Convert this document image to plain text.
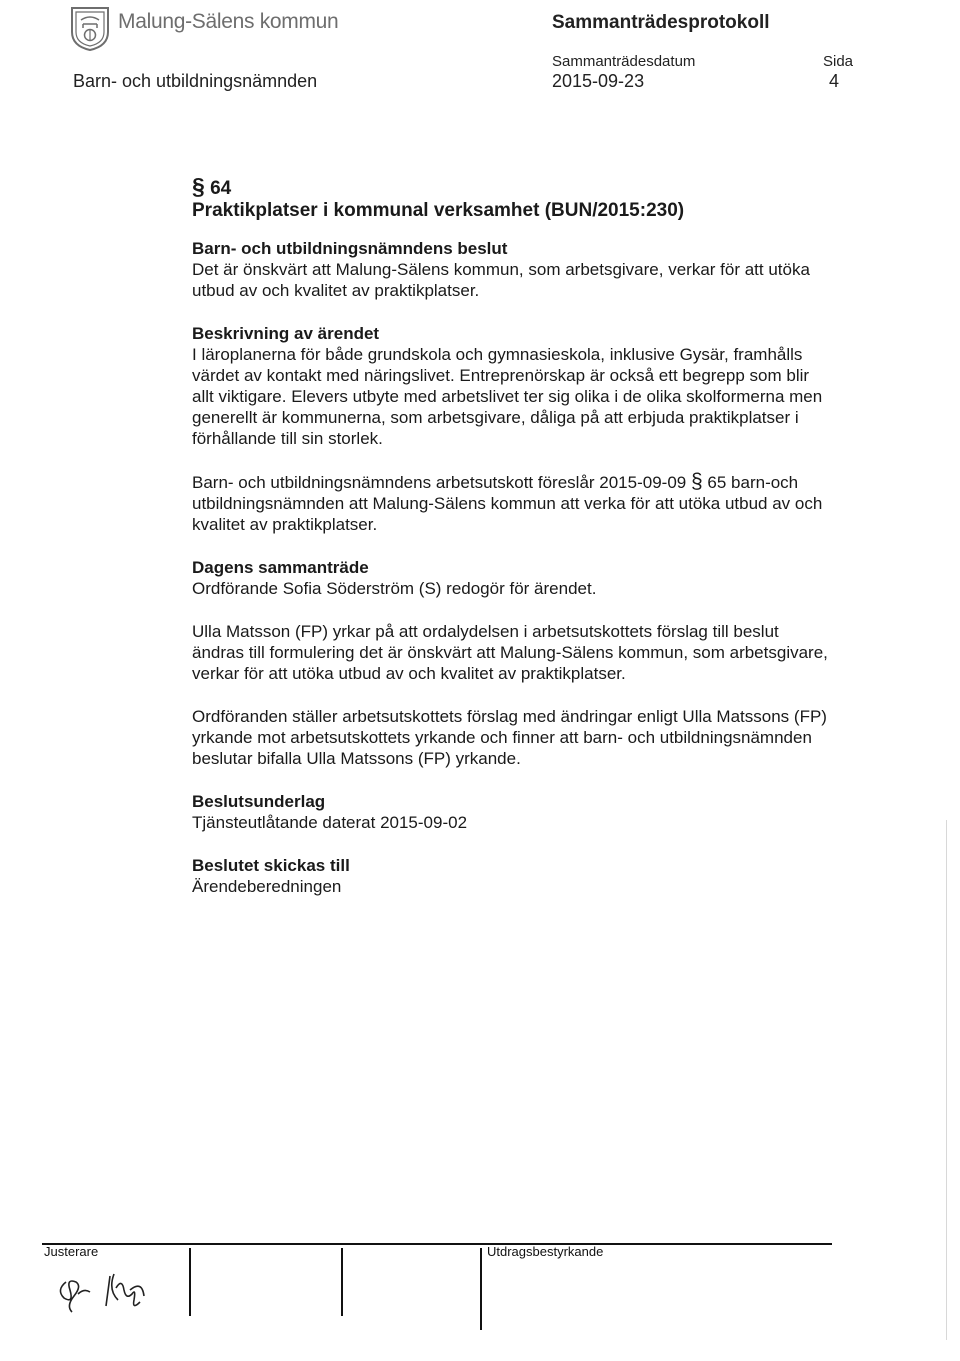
Malung-Sälens kommun	Sammanträdesprotokoll
Sammanträdesdatum	Sida
Barn- och utbildningsnämnden	2015-09-23	4
§ 64
Praktikplatser i kommunal verksamhet (BUN/2015:230)
Barn- och utbildningsnämndens beslut
Det är önskvärt att Malung-Sälens kommun, som arbetsgivare, verkar för att utöka utbud av och kvalitet av praktikplatser.
Beskrivning av ärendet
I läroplanerna för både grundskola och gymnasieskola, inklusive Gysär, framhålls värdet av kontakt med näringslivet. Entreprenörskap är också ett begrepp som blir allt viktigare. Elevers utbyte med arbetslivet ter sig olika i de olika skolformerna men generellt är kommunerna, som arbetsgivare, dåliga på att erbjuda praktikplatser i förhållande till sin storlek.
Barn- och utbildningsnämndens arbetsutskott föreslår 2015-09-09 § 65 barn-och utbildningsnämnden att Malung-Sälens kommun att verka för att utöka utbud av och kvalitet av praktikplatser.
Dagens sammanträde
Ordförande Sofia Söderström (S) redogör för ärendet.
Ulla Matsson (FP) yrkar på att ordalydelsen i arbetsutskottets förslag till beslut ändras till formulering det är önskvärt att Malung-Sälens kommun, som arbetsgivare, verkar för att utöka utbud av och kvalitet av praktikplatser.
Ordföranden ställer arbetsutskottets förslag med ändringar enligt Ulla Matssons (FP) yrkande mot arbetsutskottets yrkande och finner att barn- och utbildningsnämnden beslutar bifalla Ulla Matssons (FP) yrkande.
Beslutsunderlag
Tjänsteutlåtande daterat 2015-09-02
Beslutet skickas till
Ärendeberedningen
Justerare	Utdragsbestyrkande
